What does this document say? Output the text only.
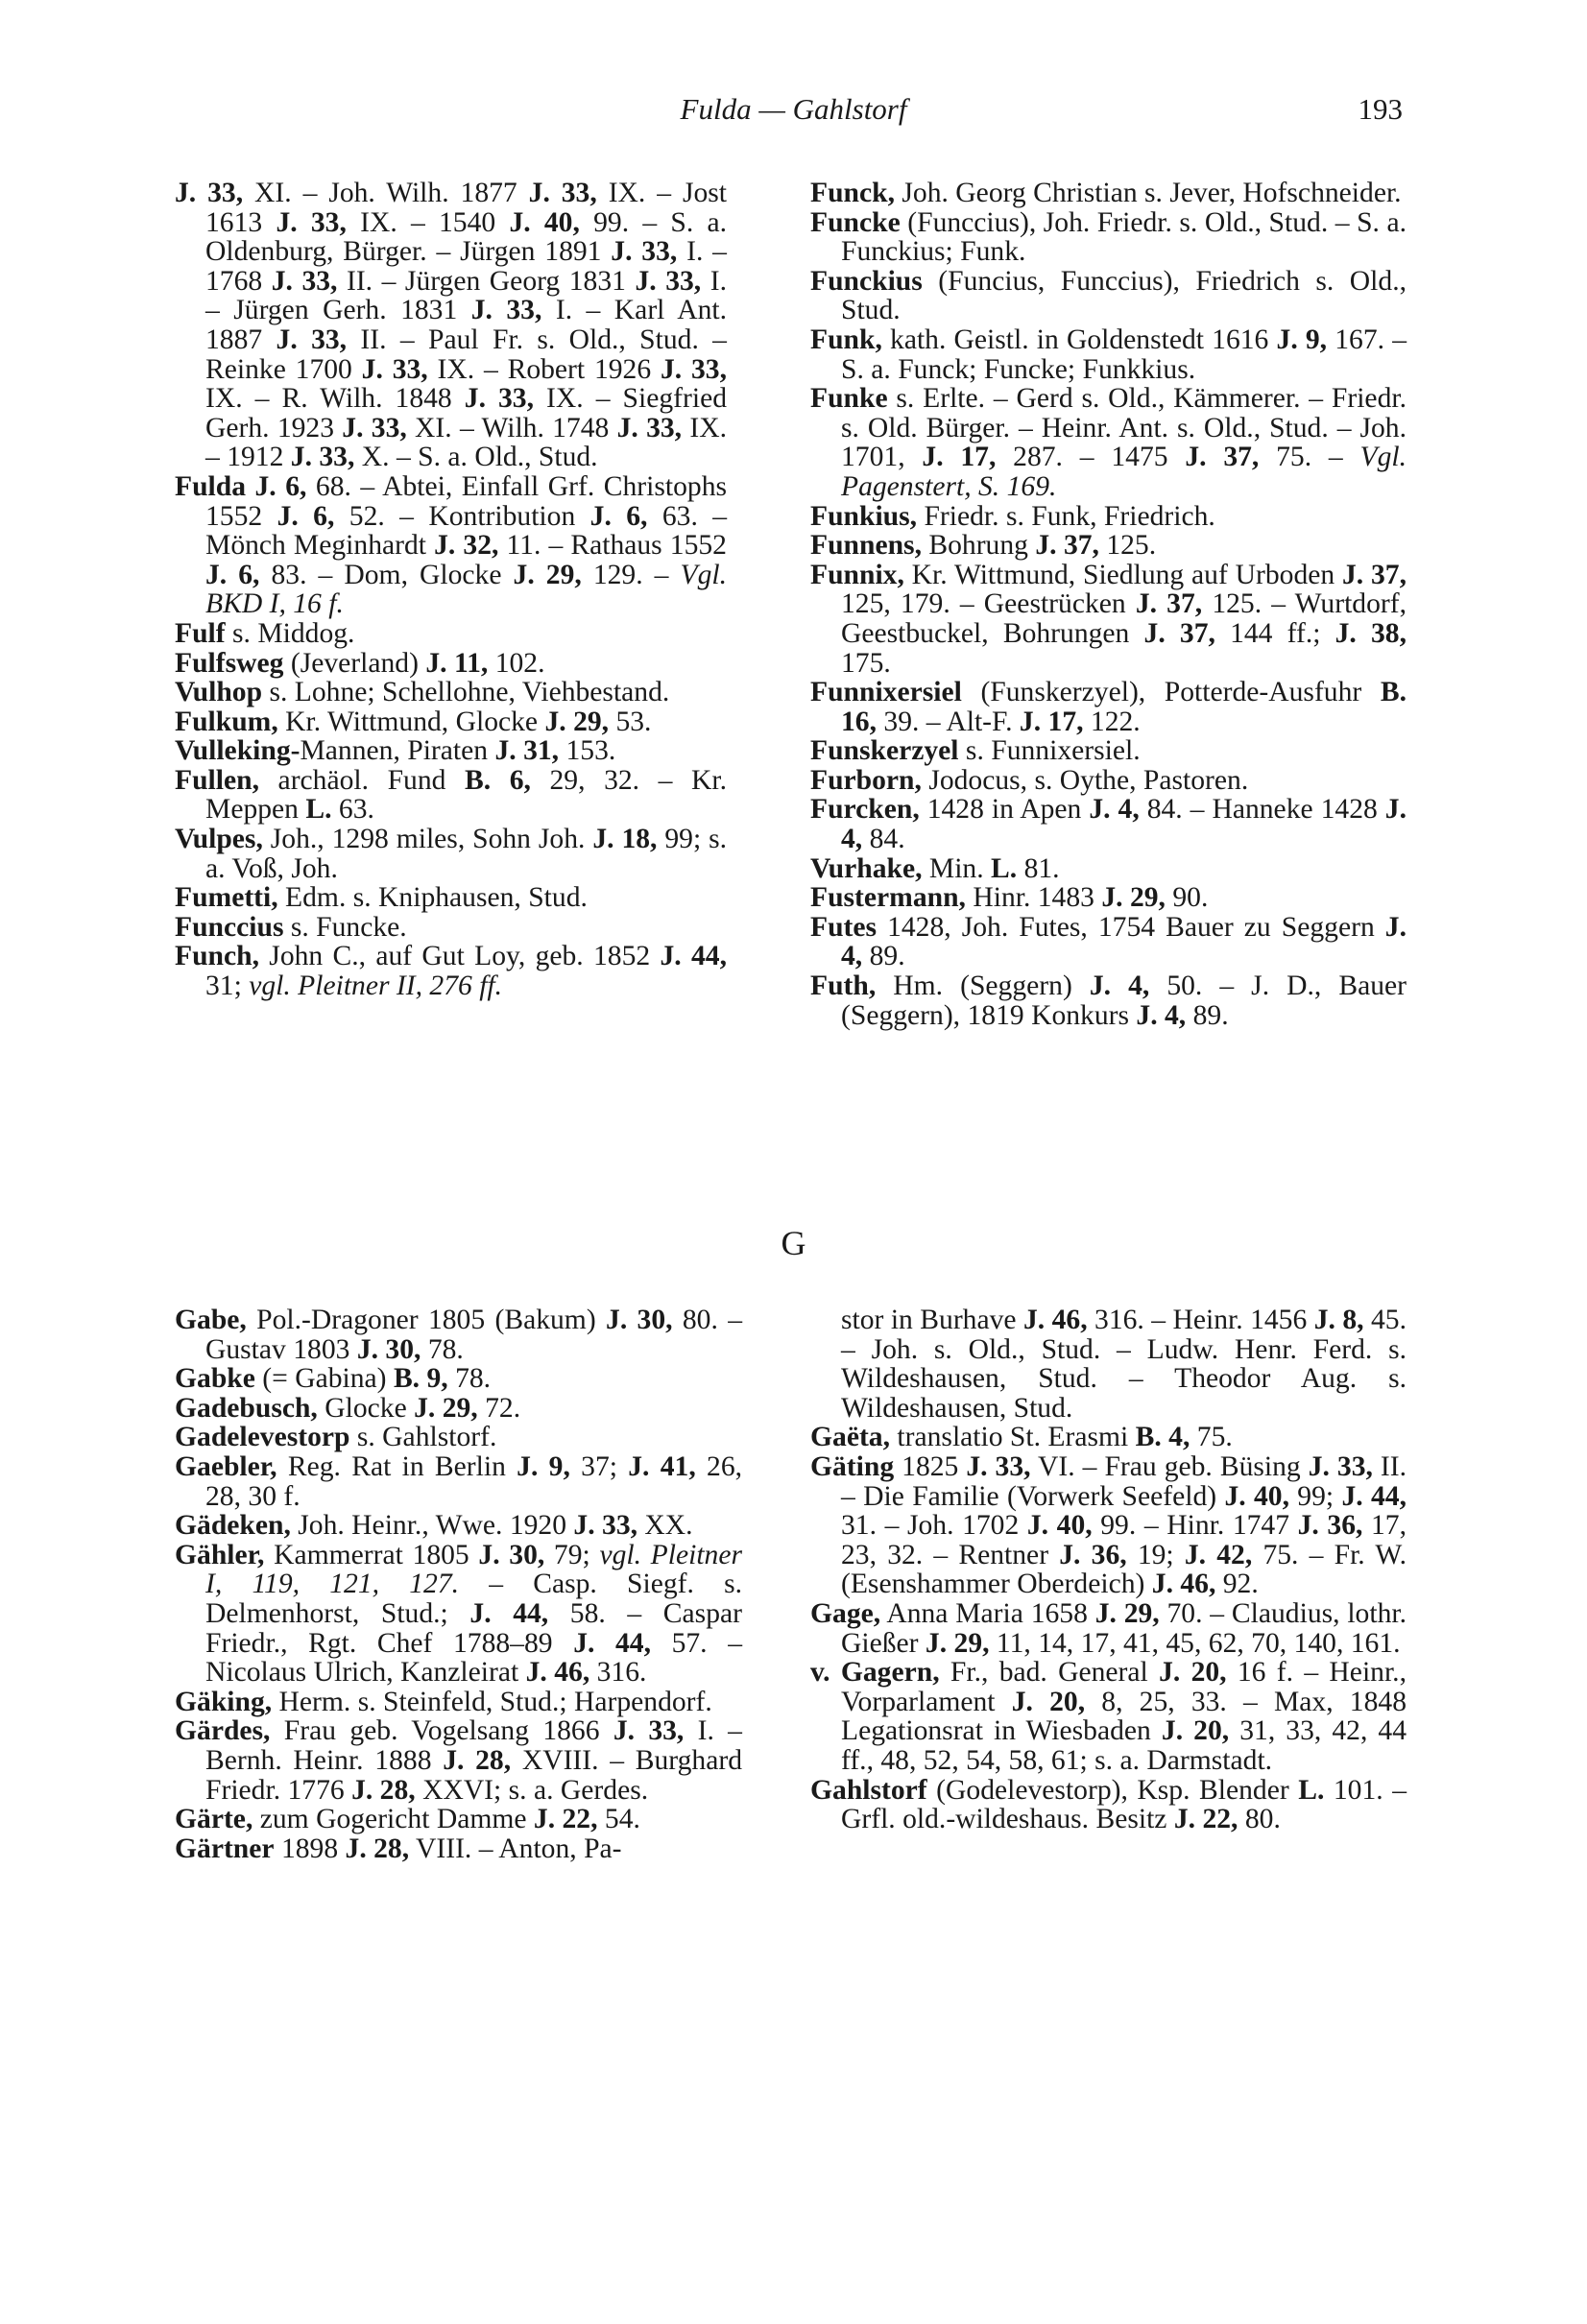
Fulda — Gahlstorf	193

J. 33, XI. – Joh. Wilh. 1877 J. 33, IX. – Jost 1613 J. 33, IX. – 1540 J. 40, 99. – S. a. Oldenburg, Bürger. – Jürgen 1891 J. 33, I. – 1768 J. 33, II. – Jürgen Georg 1831 J. 33, I. – Jürgen Gerh. 1831 J. 33, I. – Karl Ant. 1887 J. 33, II. – Paul Fr. s. Old., Stud. – Reinke 1700 J. 33, IX. – Robert 1926 J. 33, IX. – R. Wilh. 1848 J. 33, IX. – Siegfried Gerh. 1923 J. 33, XI. – Wilh. 1748 J. 33, IX. – 1912 J. 33, X. – S. a. Old., Stud.

Fulda J. 6, 68. – Abtei, Einfall Grf. Christophs 1552 J. 6, 52. – Kontribution J. 6, 63. – Mönch Meginhardt J. 32, 11. – Rathaus 1552 J. 6, 83. – Dom, Glocke J. 29, 129. – Vgl. BKD I, 16 f.

Fulf s. Middog.

Fulfsweg (Jeverland) J. 11, 102.

Vulhop s. Lohne; Schellohne, Viehbestand.

Fulkum, Kr. Wittmund, Glocke J. 29, 53.

Vulleking-Mannen, Piraten J. 31, 153.

Fullen, archäol. Fund B. 6, 29, 32. – Kr. Meppen L. 63.

Vulpes, Joh., 1298 miles, Sohn Joh. J. 18, 99; s. a. Voß, Joh.

Fumetti, Edm. s. Kniphausen, Stud.

Funccius s. Funcke.

Funch, John C., auf Gut Loy, geb. 1852 J. 44, 31; vgl. Pleitner II, 276 ff.

Funck, Joh. Georg Christian s. Jever, Hofschneider.

Funcke (Funccius), Joh. Friedr. s. Old., Stud. – S. a. Funckius; Funk.

Funckius (Funcius, Funccius), Friedrich s. Old., Stud.

Funk, kath. Geistl. in Goldenstedt 1616 J. 9, 167. – S. a. Funck; Funcke; Funkkius.

Funke s. Erlte. – Gerd s. Old., Kämmerer. – Friedr. s. Old. Bürger. – Heinr. Ant. s. Old., Stud. – Joh. 1701, J. 17, 287. – 1475 J. 37, 75. – Vgl. Pagenstert, S. 169.

Funkius, Friedr. s. Funk, Friedrich.

Funnens, Bohrung J. 37, 125.

Funnix, Kr. Wittmund, Siedlung auf Urboden J. 37, 125, 179. – Geestrücken J. 37, 125. – Wurtdorf, Geestbuckel, Bohrungen J. 37, 144 ff.; J. 38, 175.

Funnixersiel (Funskerzyel), Potterde-Ausfuhr B. 16, 39. – Alt-F. J. 17, 122.

Funskerzyel s. Funnixersiel.

Furborn, Jodocus, s. Oythe, Pastoren.

Furcken, 1428 in Apen J. 4, 84. – Hanneke 1428 J. 4, 84.

Vurhake, Min. L. 81.

Fustermann, Hinr. 1483 J. 29, 90.

Futes 1428, Joh. Futes, 1754 Bauer zu Seggern J. 4, 89.

Futh, Hm. (Seggern) J. 4, 50. – J. D., Bauer (Seggern), 1819 Konkurs J. 4, 89.

G

Gabe, Pol.-Dragoner 1805 (Bakum) J. 30, 80. – Gustav 1803 J. 30, 78.

Gabke (= Gabina) B. 9, 78.

Gadebusch, Glocke J. 29, 72.

Gadelevestorp s. Gahlstorf.

Gaebler, Reg. Rat in Berlin J. 9, 37; J. 41, 26, 28, 30 f.

Gädeken, Joh. Heinr., Wwe. 1920 J. 33, XX.

Gähler, Kammerrat 1805 J. 30, 79; vgl. Pleitner I, 119, 121, 127. – Casp. Siegf. s. Delmenhorst, Stud.; J. 44, 58. – Caspar Friedr., Rgt. Chef 1788–89 J. 44, 57. – Nicolaus Ulrich, Kanzleirat J. 46, 316.

Gäking, Herm. s. Steinfeld, Stud.; Harpendorf.

Gärdes, Frau geb. Vogelsang 1866 J. 33, I. – Bernh. Heinr. 1888 J. 28, XVIII. – Burghard Friedr. 1776 J. 28, XXVI; s. a. Gerdes.

Gärte, zum Gogericht Damme J. 22, 54.

Gärtner 1898 J. 28, VIII. – Anton, Pa-

stor in Burhave J. 46, 316. – Heinr. 1456 J. 8, 45. – Joh. s. Old., Stud. – Ludw. Henr. Ferd. s. Wildeshausen, Stud. – Theodor Aug. s. Wildeshausen, Stud.

Gaëta, translatio St. Erasmi B. 4, 75.

Gäting 1825 J. 33, VI. – Frau geb. Büsing J. 33, II. – Die Familie (Vorwerk Seefeld) J. 40, 99; J. 44, 31. – Joh. 1702 J. 40, 99. – Hinr. 1747 J. 36, 17, 23, 32. – Rentner J. 36, 19; J. 42, 75. – Fr. W. (Esenshammer Oberdeich) J. 46, 92.

Gage, Anna Maria 1658 J. 29, 70. – Claudius, lothr. Gießer J. 29, 11, 14, 17, 41, 45, 62, 70, 140, 161.

v. Gagern, Fr., bad. General J. 20, 16 f. – Heinr., Vorparlament J. 20, 8, 25, 33. – Max, 1848 Legationsrat in Wiesbaden J. 20, 31, 33, 42, 44 ff., 48, 52, 54, 58, 61; s. a. Darmstadt.

Gahlstorf (Godelevestorp), Ksp. Blender L. 101. – Grfl. old.-wildeshaus. Besitz J. 22, 80.
